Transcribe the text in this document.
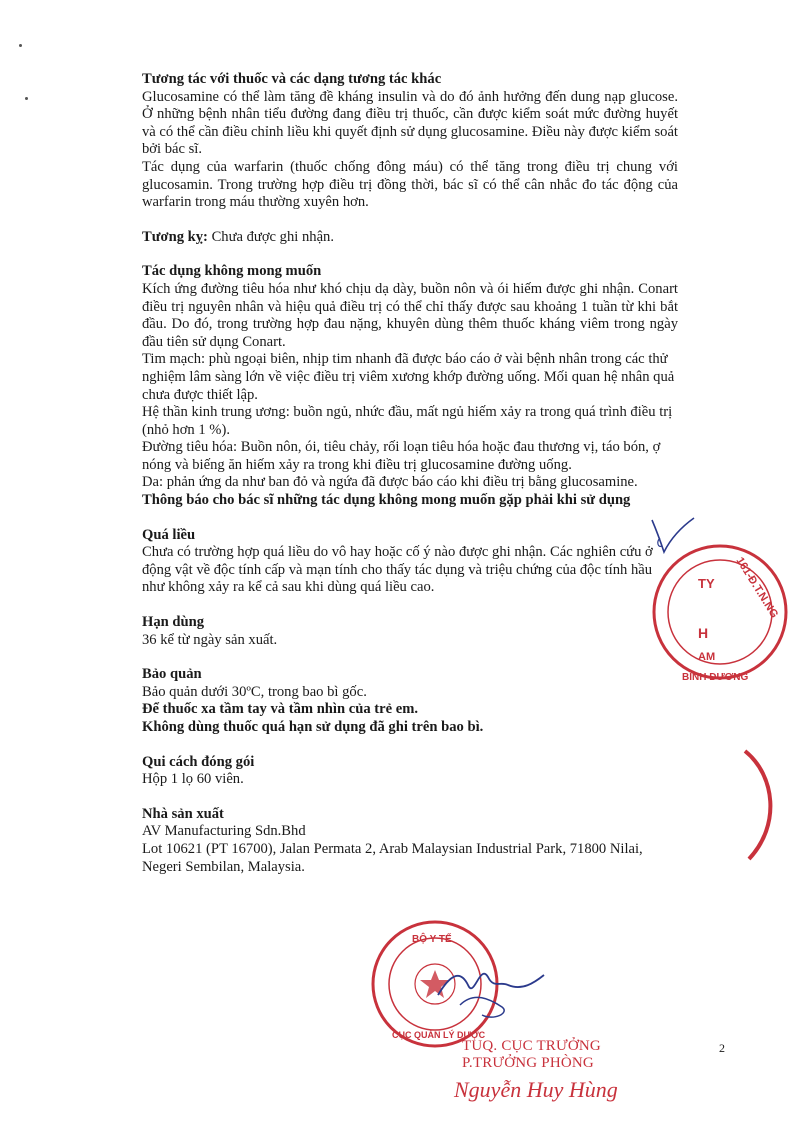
Tương tác với thuốc và các dạng tương tác khác
Glucosamine có thể làm tăng đề kháng insulin và do đó ảnh hưởng đến dung nạp glucose. Ở những bệnh nhân tiểu đường đang điều trị thuốc, cần được kiểm soát mức đường huyết và có thể cần điều chỉnh liều khi quyết định sử dụng glucosamine. Điều này được kiểm soát bởi bác sĩ.
Tác dụng của warfarin (thuốc chống đông máu) có thể tăng trong điều trị chung với glucosamin. Trong trường hợp điều trị đồng thời, bác sĩ có thể cân nhắc đo tác động của warfarin trong máu thường xuyên hơn.
Tương kỵ: Chưa được ghi nhận.
Tác dụng không mong muốn
Kích ứng đường tiêu hóa như khó chịu dạ dày, buồn nôn và ói hiếm được ghi nhận. Conart điều trị nguyên nhân và hiệu quả điều trị có thể chỉ thấy được sau khoảng 1 tuần từ khi bắt đầu. Do đó, trong trường hợp đau nặng, khuyên dùng thêm thuốc kháng viêm trong ngày đầu tiên sử dụng Conart.
Tim mạch: phù ngoại biên, nhịp tim nhanh đã được báo cáo ở vài bệnh nhân trong các thử nghiệm lâm sàng lớn về việc điều trị viêm xương khớp đường uống. Mối quan hệ nhân quả chưa được thiết lập.
Hệ thần kinh trung ương: buồn ngủ, nhức đầu, mất ngủ hiếm xảy ra trong quá trình điều trị (nhỏ hơn 1 %).
Đường tiêu hóa: Buồn nôn, ói, tiêu chảy, rối loạn tiêu hóa hoặc đau thương vị, táo bón, ợ nóng và biếng ăn hiếm xảy ra trong khi điều trị glucosamine đường uống.
Da: phản ứng da như ban đỏ và ngứa đã được báo cáo khi điều trị bằng glucosamine.
Thông báo cho bác sĩ những tác dụng không mong muốn gặp phải khi sử dụng
Quá liều
Chưa có trường hợp quá liều do vô hay hoặc cố ý nào được ghi nhận. Các nghiên cứu ở động vật về độc tính cấp và mạn tính cho thấy tác dụng và triệu chứng của độc tính hầu như không xảy ra kể cả sau khi dùng quá liều cao.
Hạn dùng
36 kể từ ngày sản xuất.
Bảo quản
Bảo quản dưới 30ºC, trong bao bì gốc.
Để thuốc xa tầm tay và tầm nhìn của trẻ em.
Không dùng thuốc quá hạn sử dụng đã ghi trên bao bì.
Qui cách đóng gói
Hộp 1 lọ 60 viên.
Nhà sản xuất
AV Manufacturing Sdn.Bhd
Lot 10621 (PT 16700), Jalan Permata 2, Arab Malaysian Industrial Park, 71800 Nilai, Negeri Sembilan, Malaysia.
161-Đ.T.N.NG
TY
H
AM
BÌNH DƯƠNG
BỘ Y TẾ
CỤC QUẢN LÝ DƯỢC
TUQ. CỤC TRƯỞNG
P.TRƯỞNG PHÒNG
Nguyễn Huy Hùng
2
